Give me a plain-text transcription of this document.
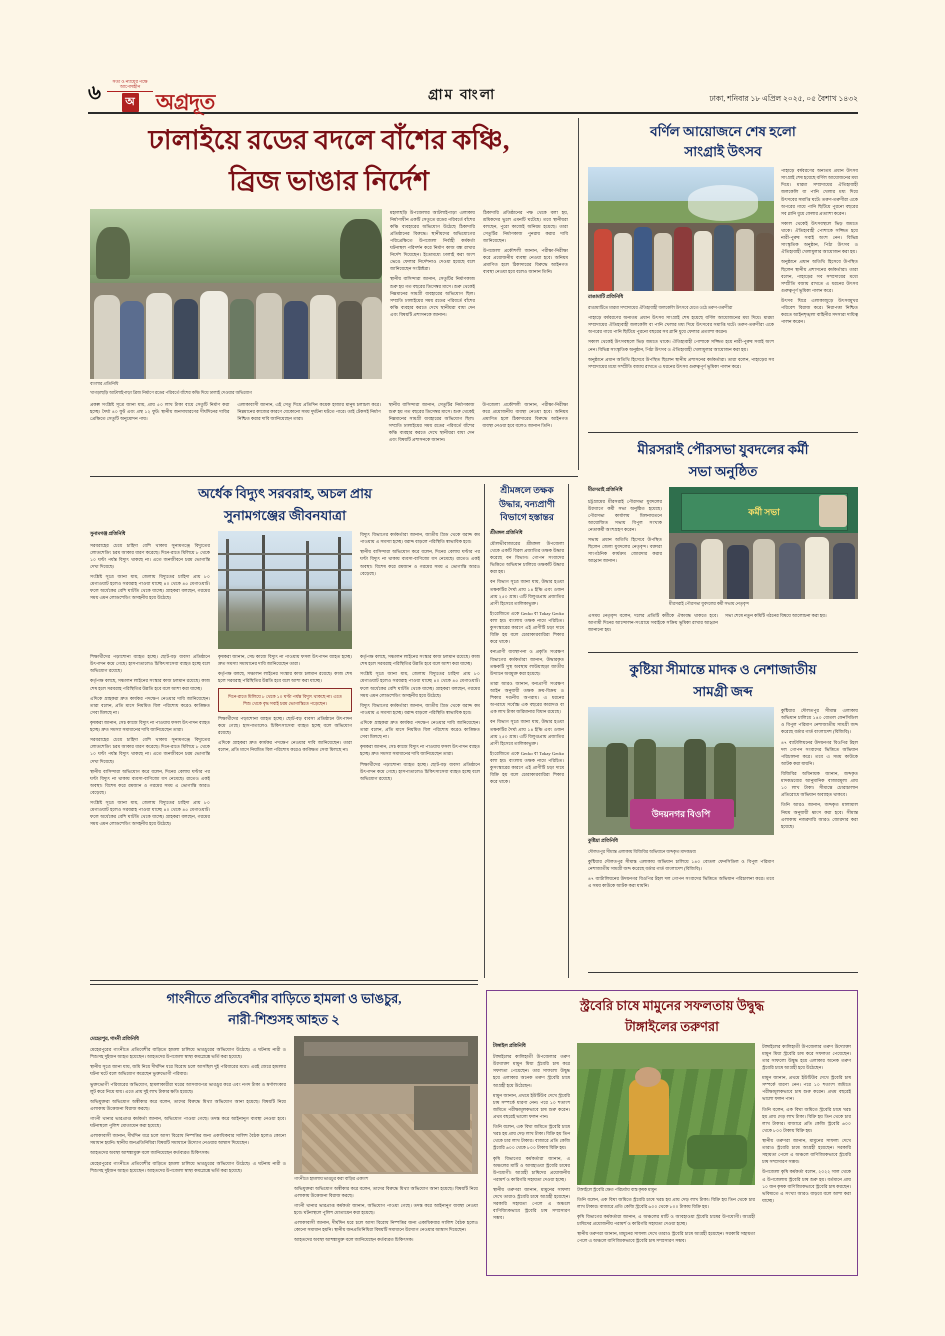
৬
সত্য ও ন্যায়ের পক্ষে আপোষহীন
অ অগ্রদূত	গ্রাম বাংলা	ঢাকা, শনিবার ১৮ এপ্রিল ২০২৫, ০৫ বৈশাখ ১৪৩২
ঢালাইয়ে রডের বদলে বাঁশের কঞ্চি,
ব্রিজ ভাঙার নির্দেশ
বাংলার প্রতিনিধি
খাগড়াছড়ি আটলাইপাড়া ব্রিজ নির্মাণে রডের পরিবর্তে বাঁশের কঞ্চি দিয়ে ঢালাই দেওয়ার অভিযোগ

মহালছড়ি উপজেলার আটলাইপাড়া এলাকায় নির্মাণাধীন একটি সেতুতে রডের পরিবর্তে বাঁশের কঞ্চি ব্যবহারের অভিযোগ উঠেছে ঠিকাদারি প্রতিষ্ঠানের বিরুদ্ধে। স্থানীয়দের অভিযোগের পরিপ্রেক্ষিতে উপজেলা নির্বাহী কর্মকর্তা ঘটনাস্থল পরিদর্শন করে নির্মাণ কাজ বন্ধ রাখার নির্দেশ দিয়েছেন। ইতোমধ্যে ঢালাই করা অংশ ভেঙে ফেলার নির্দেশনাও দেওয়া হয়েছে বলে জানিয়েছেন সংশ্লিষ্টরা।

স্থানীয় বাসিন্দারা জানান, সেতুটির নির্মাণকাজ শুরু হয় গত বছরের ডিসেম্বর মাসে। শুরু থেকেই নিম্নমানের সামগ্রী ব্যবহারের অভিযোগ ছিল। সম্প্রতি ঢালাইয়ের সময় রডের পরিবর্তে বাঁশের কঞ্চি ব্যবহার করতে দেখে স্থানীয়রা বাধা দেন এবং বিষয়টি প্রশাসনকে জানান।

ঠিকাদারি প্রতিষ্ঠানের পক্ষ থেকে বলা হয়, শ্রমিকদের ভুলে এমনটি ঘটেছে। তবে স্থানীয়রা বলছেন, পুরো কাজেই অনিয়ম হয়েছে। তারা সেতুটির নির্মাণকাজ পুনরায় করার দাবি জানিয়েছেন।

উপজেলা প্রকৌশলী জানান, পরীক্ষা-নিরীক্ষা করে প্রয়োজনীয় ব্যবস্থা নেওয়া হবে। অনিয়ম প্রমাণিত হলে ঠিকাদারের বিরুদ্ধে আইনগত ব্যবস্থা নেওয়া হবে বলেও জানান তিনি।

প্রকল্প সংশ্লিষ্ট সূত্রে জানা যায়, প্রায় ৫০ লাখ টাকা ব্যয়ে সেতুটি নির্মাণ করা হচ্ছে। দৈর্ঘ্য ৪০ ফুট এবং প্রস্থ ১২ ফুট। স্থানীয় জনসাধারণের দীর্ঘদিনের দাবির প্রেক্ষিতে সেতুটি অনুমোদন পায়।

এলাকাবাসী জানান, এই সেতু দিয়ে প্রতিদিন কয়েক হাজার মানুষ চলাচল করে। নিম্নমানের কাজের কারণে যেকোনো সময় দুর্ঘটনা ঘটতে পারে। তাই টেকসই নির্মাণ নিশ্চিত করার দাবি জানিয়েছেন তারা।

স্থানীয় বাসিন্দারা জানান, সেতুটির নির্মাণকাজ শুরু হয় গত বছরের ডিসেম্বর মাসে। শুরু থেকেই নিম্নমানের সামগ্রী ব্যবহারের অভিযোগ ছিল। সম্প্রতি ঢালাইয়ের সময় রডের পরিবর্তে বাঁশের কঞ্চি ব্যবহার করতে দেখে স্থানীয়রা বাধা দেন এবং বিষয়টি প্রশাসনকে জানান।

উপজেলা প্রকৌশলী জানান, পরীক্ষা-নিরীক্ষা করে প্রয়োজনীয় ব্যবস্থা নেওয়া হবে। অনিয়ম প্রমাণিত হলে ঠিকাদারের বিরুদ্ধে আইনগত ব্যবস্থা নেওয়া হবে বলেও জানান তিনি।

বর্ণিল আয়োজনে শেষ হলো
সাংগ্রাই উৎসব
রাঙামাটি প্রতিনিধি
রাঙামাটিতে মারমা সম্প্রদায়ের ঐতিহ্যবাহী জলকেলি উৎসবে মেতে ওঠে তরুণ-তরুণীরা

পাহাড়ে বর্ষবরণের অন্যতম প্রধান উৎসব সাংগ্রাই শেষ হয়েছে বর্ণিল আয়োজনের মধ্য দিয়ে। মারমা সম্প্রদায়ের ঐতিহ্যবাহী জলকেলি বা পানি খেলার মধ্য দিয়ে উৎসবের সমাপ্তি ঘটে। তরুণ-তরুণীরা একে অপরের গায়ে পানি ছিটিয়ে পুরনো বছরের সব গ্লানি ধুয়ে ফেলার প্রত্যাশা করেন।

সকাল থেকেই উৎসবস্থলে ভিড় জমতে থাকে। ঐতিহ্যবাহী পোশাকে সজ্জিত হয়ে নারী-পুরুষ সবাই অংশ নেন। বিভিন্ন সাংস্কৃতিক অনুষ্ঠান, পিঠা উৎসব ও ঐতিহ্যবাহী খেলাধুলার আয়োজন করা হয়।

অনুষ্ঠানে প্রধান অতিথি হিসেবে উপস্থিত ছিলেন স্থানীয় প্রশাসনের কর্মকর্তারা। তারা বলেন, পাহাড়ের সব সম্প্রদায়ের মধ্যে সম্প্রীতি বজায় রাখতে এ ধরনের উৎসব গুরুত্বপূর্ণ ভূমিকা পালন করে।

পাহাড়ে বর্ষবরণের অন্যতম প্রধান উৎসব সাংগ্রাই শেষ হয়েছে বর্ণিল আয়োজনের মধ্য দিয়ে। মারমা সম্প্রদায়ের ঐতিহ্যবাহী জলকেলি বা পানি খেলার মধ্য দিয়ে উৎসবের সমাপ্তি ঘটে। তরুণ-তরুণীরা একে অপরের গায়ে পানি ছিটিয়ে পুরনো বছরের সব গ্লানি ধুয়ে ফেলার প্রত্যাশা করেন।

সকাল থেকেই উৎসবস্থলে ভিড় জমতে থাকে। ঐতিহ্যবাহী পোশাকে সজ্জিত হয়ে নারী-পুরুষ সবাই অংশ নেন। বিভিন্ন সাংস্কৃতিক অনুষ্ঠান, পিঠা উৎসব ও ঐতিহ্যবাহী খেলাধুলার আয়োজন করা হয়।

অনুষ্ঠানে প্রধান অতিথি হিসেবে উপস্থিত ছিলেন স্থানীয় প্রশাসনের কর্মকর্তারা। তারা বলেন, পাহাড়ের সব সম্প্রদায়ের মধ্যে সম্প্রীতি বজায় রাখতে এ ধরনের উৎসব গুরুত্বপূর্ণ ভূমিকা পালন করে।

উৎসব ঘিরে এলাকাজুড়ে উৎসবমুখর পরিবেশ বিরাজ করে। নিরাপত্তা নিশ্চিত করতে আইনশৃঙ্খলা বাহিনীর সদস্যরা দায়িত্ব পালন করেন।

অর্ধেক বিদ্যুৎ সরবরাহ, অচল প্রায়
সুনামগঞ্জের জীবনযাত্রা
সুনামগঞ্জ প্রতিনিধি

সরবরাহের চেয়ে চাহিদা বেশি থাকায় সুনামগঞ্জে বিদ্যুতের লোডশেডিং চরম আকার ধারণ করেছে। দিনে-রাতে মিলিয়ে ৮ থেকে ১০ ঘণ্টা পর্যন্ত বিদ্যুৎ থাকছে না। এতে জনজীবনে চরম ভোগান্তি দেখা দিয়েছে।

সংশ্লিষ্ট সূত্রে জানা যায়, জেলায় বিদ্যুতের চাহিদা প্রায় ৮০ মেগাওয়াট হলেও সরবরাহ পাওয়া যাচ্ছে ৪০ থেকে ৪৫ মেগাওয়াট। ফলে অর্ধেকের বেশি ঘাটতি থেকে যাচ্ছে। গ্রাহকরা বলছেন, গরমের সময় এমন লোডশেডিং অসহনীয় হয়ে উঠেছে।

বিদ্যুৎ বিভাগের কর্মকর্তারা জানান, জাতীয় গ্রিড থেকে বরাদ্দ কম পাওয়ায় এ সমস্যা হচ্ছে। বরাদ্দ বাড়লে পরিস্থিতি স্বাভাবিক হবে।

স্থানীয় বাসিন্দারা অভিযোগ করে বলেন, দিনের বেলায় ঘণ্টার পর ঘণ্টা বিদ্যুৎ না থাকায় ব্যবসা-বাণিজ্যে ধস নেমেছে। রাতেও একই অবস্থা। বিশেষ করে রমজান ও গরমের সময় এ ভোগান্তি আরও বেড়েছে।

শিক্ষার্থীদের পড়াশোনা ব্যাহত হচ্ছে। ছোট-বড় ব্যবসা প্রতিষ্ঠানে উৎপাদন কমে গেছে। হাসপাতালেও চিকিৎসাসেবা ব্যাহত হচ্ছে বলে অভিযোগ রয়েছে।

কর্তৃপক্ষ বলছে, সঞ্চালন লাইনের সংস্কার কাজ চলমান রয়েছে। কাজ শেষ হলে সরবরাহ পরিস্থিতির উন্নতি হবে বলে আশা করা যাচ্ছে।

এদিকে গ্রাহকরা দ্রুত কার্যকর পদক্ষেপ নেওয়ার দাবি জানিয়েছেন। তারা বলেন, প্রতি মাসে নিয়মিত বিল পরিশোধ করেও কাঙ্ক্ষিত সেবা মিলছে না।

কৃষকরা জানান, সেচ কাজে বিদ্যুৎ না পাওয়ায় ফসল উৎপাদন ব্যাহত হচ্ছে। দ্রুত সমস্যা সমাধানের দাবি জানিয়েছেন তারা।

সরবরাহের চেয়ে চাহিদা বেশি থাকায় সুনামগঞ্জে বিদ্যুতের লোডশেডিং চরম আকার ধারণ করেছে। দিনে-রাতে মিলিয়ে ৮ থেকে ১০ ঘণ্টা পর্যন্ত বিদ্যুৎ থাকছে না। এতে জনজীবনে চরম ভোগান্তি দেখা দিয়েছে।

স্থানীয় বাসিন্দারা অভিযোগ করে বলেন, দিনের বেলায় ঘণ্টার পর ঘণ্টা বিদ্যুৎ না থাকায় ব্যবসা-বাণিজ্যে ধস নেমেছে। রাতেও একই অবস্থা। বিশেষ করে রমজান ও গরমের সময় এ ভোগান্তি আরও বেড়েছে।

সংশ্লিষ্ট সূত্রে জানা যায়, জেলায় বিদ্যুতের চাহিদা প্রায় ৮০ মেগাওয়াট হলেও সরবরাহ পাওয়া যাচ্ছে ৪০ থেকে ৪৫ মেগাওয়াট। ফলে অর্ধেকের বেশি ঘাটতি থেকে যাচ্ছে। গ্রাহকরা বলছেন, গরমের সময় এমন লোডশেডিং অসহনীয় হয়ে উঠেছে।

কৃষকরা জানান, সেচ কাজে বিদ্যুৎ না পাওয়ায় ফসল উৎপাদন ব্যাহত হচ্ছে। দ্রুত সমস্যা সমাধানের দাবি জানিয়েছেন তারা।

কর্তৃপক্ষ বলছে, সঞ্চালন লাইনের সংস্কার কাজ চলমান রয়েছে। কাজ শেষ হলে সরবরাহ পরিস্থিতির উন্নতি হবে বলে আশা করা যাচ্ছে।

দিনে-রাতে মিলিয়ে ৮ থেকে ১০ ঘণ্টা পর্যন্ত বিদ্যুৎ থাকছে না। এতে শিশু থেকে বৃদ্ধ সবাই চরম ভোগান্তিতে পড়েছেন।

শিক্ষার্থীদের পড়াশোনা ব্যাহত হচ্ছে। ছোট-বড় ব্যবসা প্রতিষ্ঠানে উৎপাদন কমে গেছে। হাসপাতালেও চিকিৎসাসেবা ব্যাহত হচ্ছে বলে অভিযোগ রয়েছে।

এদিকে গ্রাহকরা দ্রুত কার্যকর পদক্ষেপ নেওয়ার দাবি জানিয়েছেন। তারা বলেন, প্রতি মাসে নিয়মিত বিল পরিশোধ করেও কাঙ্ক্ষিত সেবা মিলছে না।

কর্তৃপক্ষ বলছে, সঞ্চালন লাইনের সংস্কার কাজ চলমান রয়েছে। কাজ শেষ হলে সরবরাহ পরিস্থিতির উন্নতি হবে বলে আশা করা যাচ্ছে।

সংশ্লিষ্ট সূত্রে জানা যায়, জেলায় বিদ্যুতের চাহিদা প্রায় ৮০ মেগাওয়াট হলেও সরবরাহ পাওয়া যাচ্ছে ৪০ থেকে ৪৫ মেগাওয়াট। ফলে অর্ধেকের বেশি ঘাটতি থেকে যাচ্ছে। গ্রাহকরা বলছেন, গরমের সময় এমন লোডশেডিং অসহনীয় হয়ে উঠেছে।

বিদ্যুৎ বিভাগের কর্মকর্তারা জানান, জাতীয় গ্রিড থেকে বরাদ্দ কম পাওয়ায় এ সমস্যা হচ্ছে। বরাদ্দ বাড়লে পরিস্থিতি স্বাভাবিক হবে।

এদিকে গ্রাহকরা দ্রুত কার্যকর পদক্ষেপ নেওয়ার দাবি জানিয়েছেন। তারা বলেন, প্রতি মাসে নিয়মিত বিল পরিশোধ করেও কাঙ্ক্ষিত সেবা মিলছে না।

কৃষকরা জানান, সেচ কাজে বিদ্যুৎ না পাওয়ায় ফসল উৎপাদন ব্যাহত হচ্ছে। দ্রুত সমস্যা সমাধানের দাবি জানিয়েছেন তারা।

শিক্ষার্থীদের পড়াশোনা ব্যাহত হচ্ছে। ছোট-বড় ব্যবসা প্রতিষ্ঠানে উৎপাদন কমে গেছে। হাসপাতালেও চিকিৎসাসেবা ব্যাহত হচ্ছে বলে অভিযোগ রয়েছে।

শ্রীমঙ্গলে তক্ষক
উদ্ধার, বন্যপ্রাণী
বিভাগে হস্তান্তর
শ্রীমঙ্গল প্রতিনিধি

মৌলভীবাজারের শ্রীমঙ্গল উপজেলা থেকে একটি বিরল প্রজাতির তক্ষক উদ্ধার করেছে বন বিভাগ। গোপন সংবাদের ভিত্তিতে অভিযান চালিয়ে তক্ষকটি উদ্ধার করা হয়।

বন বিভাগ সূত্রে জানা যায়, উদ্ধার হওয়া তক্ষকটির দৈর্ঘ্য প্রায় ১৪ ইঞ্চি এবং ওজন প্রায় ২৫০ গ্রাম। এটি বিলুপ্তপ্রায় প্রজাতির প্রাণী হিসেবে তালিকাভুক্ত।

ইংরেজিতে একে Gecko বা Tokay Gecko বলা হয়। বাংলায় তক্ষক নামে পরিচিত। কুসংস্কারের কারণে এই প্রাণীটি চড়া দামে বিক্রি হয় বলে চোরাকারবারিরা শিকার করে থাকে।

বন্যপ্রাণী ব্যবস্থাপনা ও প্রকৃতি সংরক্ষণ বিভাগের কর্মকর্তারা জানান, উদ্ধারকৃত তক্ষকটি সুস্থ অবস্থায় লাউয়াছড়া জাতীয় উদ্যানে অবমুক্ত করা হয়েছে।

তারা আরও জানান, বন্যপ্রাণী সংরক্ষণ আইন অনুযায়ী তক্ষক ক্রয়-বিক্রয় ও শিকার দণ্ডনীয় অপরাধ। এ ধরনের অপরাধে সর্বোচ্চ এক বছরের কারাদণ্ড বা এক লাখ টাকা জরিমানার বিধান রয়েছে।

বন বিভাগ সূত্রে জানা যায়, উদ্ধার হওয়া তক্ষকটির দৈর্ঘ্য প্রায় ১৪ ইঞ্চি এবং ওজন প্রায় ২৫০ গ্রাম। এটি বিলুপ্তপ্রায় প্রজাতির প্রাণী হিসেবে তালিকাভুক্ত।

ইংরেজিতে একে Gecko বা Tokay Gecko বলা হয়। বাংলায় তক্ষক নামে পরিচিত। কুসংস্কারের কারণে এই প্রাণীটি চড়া দামে বিক্রি হয় বলে চোরাকারবারিরা শিকার করে থাকে।

মীরসরাই পৌরসভা যুবদলের কর্মী
সভা অনুষ্ঠিত
মীরসরাই প্রতিনিধি

চট্টগ্রামের মীরসরাই পৌরসভা যুবদলের উদ্যোগে কর্মী সভা অনুষ্ঠিত হয়েছে। পৌরসভা কার্যালয় মিলনায়তনে আয়োজিত সভায় বিপুল সংখ্যক নেতাকর্মী অংশগ্রহণ করেন।

সভায় প্রধান অতিথি হিসেবে উপস্থিত ছিলেন জেলা যুবদলের নেতৃবৃন্দ। বক্তারা সাংগঠনিক কার্যক্রম জোরদার করার আহ্বান জানান।

কর্মী সভা
মীরসরাই পৌরসভা যুবদলের কর্মী সভায় নেতৃবৃন্দ

এসময় নেতৃবৃন্দ বলেন, দলের প্রতিটি কর্মীকে ঐক্যবদ্ধ থাকতে হবে। আগামী দিনের আন্দোলন-সংগ্রামে সবাইকে সক্রিয় ভূমিকা রাখার আহ্বান জানানো হয়।

সভা শেষে নতুন কমিটি গঠনের বিষয়ে আলোচনা করা হয়।

কুষ্টিয়া সীমান্তে মাদক ও নেশাজাতীয়
সামগ্রী জব্দ
উদয়নগর বিওপি
কুষ্টিয়া প্রতিনিধি
দৌলতপুর সীমান্ত এলাকায় বিজিবির অভিযানে জব্দকৃত মাদকদ্রব্য

কুষ্টিয়ার দৌলতপুর সীমান্ত এলাকায় অভিযান চালিয়ে ১৪০ বোতল ফেনসিডিল ও বিপুল পরিমাণ নেশাজাতীয় সামগ্রী জব্দ করেছে বর্ডার গার্ড বাংলাদেশ (বিজিবি)।

৪৭ ব্যাটালিয়নের উদয়নগর বিওপির টহল দল গোপন সংবাদের ভিত্তিতে অভিযান পরিচালনা করে। তবে এ সময় কাউকে আটক করা যায়নি।

কুষ্টিয়ার দৌলতপুর সীমান্ত এলাকায় অভিযান চালিয়ে ১৪০ বোতল ফেনসিডিল ও বিপুল পরিমাণ নেশাজাতীয় সামগ্রী জব্দ করেছে বর্ডার গার্ড বাংলাদেশ (বিজিবি)।

৪৭ ব্যাটালিয়নের উদয়নগর বিওপির টহল দল গোপন সংবাদের ভিত্তিতে অভিযান পরিচালনা করে। তবে এ সময় কাউকে আটক করা যায়নি।

বিজিবির অধিনায়ক জানান, জব্দকৃত মাদকদ্রব্যের আনুমানিক বাজারমূল্য প্রায় ১০ লাখ টাকা। সীমান্তে চোরাচালান প্রতিরোধে অভিযান অব্যাহত থাকবে।

তিনি আরও জানান, জব্দকৃত মালামাল নিয়ম অনুযায়ী ধ্বংস করা হবে। সীমান্ত এলাকায় নজরদারি আরও জোরদার করা হয়েছে।

গাংনীতে প্রতিবেশীর বাড়িতে হামলা ও ভাঙচুর,
নারী-শিশুসহ আহত ২
মেহেরপুর, গাংনী প্রতিনিধি

মেহেরপুরের গাংনীতে প্রতিবেশীর বাড়িতে হামলা চালিয়ে ভাঙচুরের অভিযোগ উঠেছে। এ ঘটনায় নারী ও শিশুসহ দুইজন আহত হয়েছেন। আহতদের উপজেলা স্বাস্থ্য কমপ্লেক্সে ভর্তি করা হয়েছে।

স্থানীয় সূত্রে জানা যায়, জমি নিয়ে দীর্ঘদিন ধরে বিরোধ চলে আসছিল দুই পরিবারের মধ্যে। এরই জেরে হামলার ঘটনা ঘটে বলে অভিযোগ করেছেন ভুক্তভোগী পরিবার।

ভুক্তভোগী পরিবারের অভিযোগ, হামলাকারীরা ঘরের আসবাবপত্র ভাঙচুর করে এবং নগদ টাকা ও স্বর্ণালংকার লুট করে নিয়ে যায়। এতে প্রায় দুই লাখ টাকার ক্ষতি হয়েছে।

অভিযুক্তরা অভিযোগ অস্বীকার করে বলেন, তাদের বিরুদ্ধে মিথ্যা অভিযোগ আনা হয়েছে। বিষয়টি নিয়ে এলাকায় উত্তেজনা বিরাজ করছে।

গাংনী থানার ভারপ্রাপ্ত কর্মকর্তা জানান, অভিযোগ পাওয়া গেছে। তদন্ত করে আইনানুগ ব্যবস্থা নেওয়া হবে। ঘটনাস্থলে পুলিশ মোতায়েন করা হয়েছে।

এলাকাবাসী জানান, দীর্ঘদিন ধরে চলে আসা বিরোধ নিষ্পত্তির জন্য একাধিকবার সালিশ বৈঠক হলেও কোনো সমাধান হয়নি। স্থানীয় জনপ্রতিনিধিরা বিষয়টি সমাধানে উদ্যোগ নেওয়ার আশ্বাস দিয়েছেন।

আহতদের অবস্থা আশঙ্কামুক্ত বলে জানিয়েছেন কর্তব্যরত চিকিৎসক।

মেহেরপুরের গাংনীতে প্রতিবেশীর বাড়িতে হামলা চালিয়ে ভাঙচুরের অভিযোগ উঠেছে। এ ঘটনায় নারী ও শিশুসহ দুইজন আহত হয়েছেন। আহতদের উপজেলা স্বাস্থ্য কমপ্লেক্সে ভর্তি করা হয়েছে।

গাংনীতে হামলায় ভাঙচুর করা বাড়ির একাংশ

অভিযুক্তরা অভিযোগ অস্বীকার করে বলেন, তাদের বিরুদ্ধে মিথ্যা অভিযোগ আনা হয়েছে। বিষয়টি নিয়ে এলাকায় উত্তেজনা বিরাজ করছে।

গাংনী থানার ভারপ্রাপ্ত কর্মকর্তা জানান, অভিযোগ পাওয়া গেছে। তদন্ত করে আইনানুগ ব্যবস্থা নেওয়া হবে। ঘটনাস্থলে পুলিশ মোতায়েন করা হয়েছে।

এলাকাবাসী জানান, দীর্ঘদিন ধরে চলে আসা বিরোধ নিষ্পত্তির জন্য একাধিকবার সালিশ বৈঠক হলেও কোনো সমাধান হয়নি। স্থানীয় জনপ্রতিনিধিরা বিষয়টি সমাধানে উদ্যোগ নেওয়ার আশ্বাস দিয়েছেন।

আহতদের অবস্থা আশঙ্কামুক্ত বলে জানিয়েছেন কর্তব্যরত চিকিৎসক।

স্ট্রবেরি চাষে মামুনের সফলতায় উদ্বুদ্ধ
টাঙ্গাইলের তরুণরা
টাঙ্গাইল প্রতিনিধি

টাঙ্গাইলের কালিহাতী উপজেলার তরুণ উদ্যোক্তা মামুন মিয়া স্ট্রবেরি চাষ করে সফলতা পেয়েছেন। তার সাফল্যে উদ্বুদ্ধ হয়ে এলাকার অনেক তরুণ স্ট্রবেরি চাষে আগ্রহী হয়ে উঠেছেন।

মামুন জানান, প্রথমে ইউটিউব দেখে স্ট্রবেরি চাষ সম্পর্কে ধারণা নেন। পরে ১০ শতাংশ জমিতে পরীক্ষামূলকভাবে চাষ শুরু করেন। প্রথম বছরেই ভালো ফলন পান।

তিনি বলেন, এক বিঘা জমিতে স্ট্রবেরি চাষে খরচ হয় প্রায় দেড় লাখ টাকা। বিক্রি হয় তিন থেকে চার লাখ টাকার। বাজারে প্রতি কেজি স্ট্রবেরি ৬০০ থেকে ৮০০ টাকায় বিক্রি হয়।

কৃষি বিভাগের কর্মকর্তারা জানান, এ অঞ্চলের মাটি ও আবহাওয়া স্ট্রবেরি চাষের উপযোগী। আগ্রহী চাষিদের প্রয়োজনীয় পরামর্শ ও কারিগরি সহায়তা দেওয়া হচ্ছে।

স্থানীয় তরুণরা জানান, মামুনের সাফল্য দেখে তারাও স্ট্রবেরি চাষে আগ্রহী হয়েছেন। সরকারি সহায়তা পেলে এ অঞ্চলে বাণিজ্যিকভাবে স্ট্রবেরি চাষ সম্প্রসারণ সম্ভব।

টাঙ্গাইলে স্ট্রবেরি ক্ষেত পরিচর্যায় ব্যস্ত কৃষক মামুন

তিনি বলেন, এক বিঘা জমিতে স্ট্রবেরি চাষে খরচ হয় প্রায় দেড় লাখ টাকা। বিক্রি হয় তিন থেকে চার লাখ টাকার। বাজারে প্রতি কেজি স্ট্রবেরি ৬০০ থেকে ৮০০ টাকায় বিক্রি হয়।

কৃষি বিভাগের কর্মকর্তারা জানান, এ অঞ্চলের মাটি ও আবহাওয়া স্ট্রবেরি চাষের উপযোগী। আগ্রহী চাষিদের প্রয়োজনীয় পরামর্শ ও কারিগরি সহায়তা দেওয়া হচ্ছে।

স্থানীয় তরুণরা জানান, মামুনের সাফল্য দেখে তারাও স্ট্রবেরি চাষে আগ্রহী হয়েছেন। সরকারি সহায়তা পেলে এ অঞ্চলে বাণিজ্যিকভাবে স্ট্রবেরি চাষ সম্প্রসারণ সম্ভব।

টাঙ্গাইলের কালিহাতী উপজেলার তরুণ উদ্যোক্তা মামুন মিয়া স্ট্রবেরি চাষ করে সফলতা পেয়েছেন। তার সাফল্যে উদ্বুদ্ধ হয়ে এলাকার অনেক তরুণ স্ট্রবেরি চাষে আগ্রহী হয়ে উঠেছেন।

মামুন জানান, প্রথমে ইউটিউব দেখে স্ট্রবেরি চাষ সম্পর্কে ধারণা নেন। পরে ১০ শতাংশ জমিতে পরীক্ষামূলকভাবে চাষ শুরু করেন। প্রথম বছরেই ভালো ফলন পান।

তিনি বলেন, এক বিঘা জমিতে স্ট্রবেরি চাষে খরচ হয় প্রায় দেড় লাখ টাকা। বিক্রি হয় তিন থেকে চার লাখ টাকার। বাজারে প্রতি কেজি স্ট্রবেরি ৬০০ থেকে ৮০০ টাকায় বিক্রি হয়।

স্থানীয় তরুণরা জানান, মামুনের সাফল্য দেখে তারাও স্ট্রবেরি চাষে আগ্রহী হয়েছেন। সরকারি সহায়তা পেলে এ অঞ্চলে বাণিজ্যিকভাবে স্ট্রবেরি চাষ সম্প্রসারণ সম্ভব।

উপজেলা কৃষি কর্মকর্তা বলেন, ২০২২ সাল থেকে এ উপজেলায় স্ট্রবেরি চাষ শুরু হয়। বর্তমানে প্রায় ১০ জন কৃষক বাণিজ্যিকভাবে স্ট্রবেরি চাষ করছেন। ভবিষ্যতে এ সংখ্যা আরও বাড়বে বলে আশা করা যাচ্ছে।
